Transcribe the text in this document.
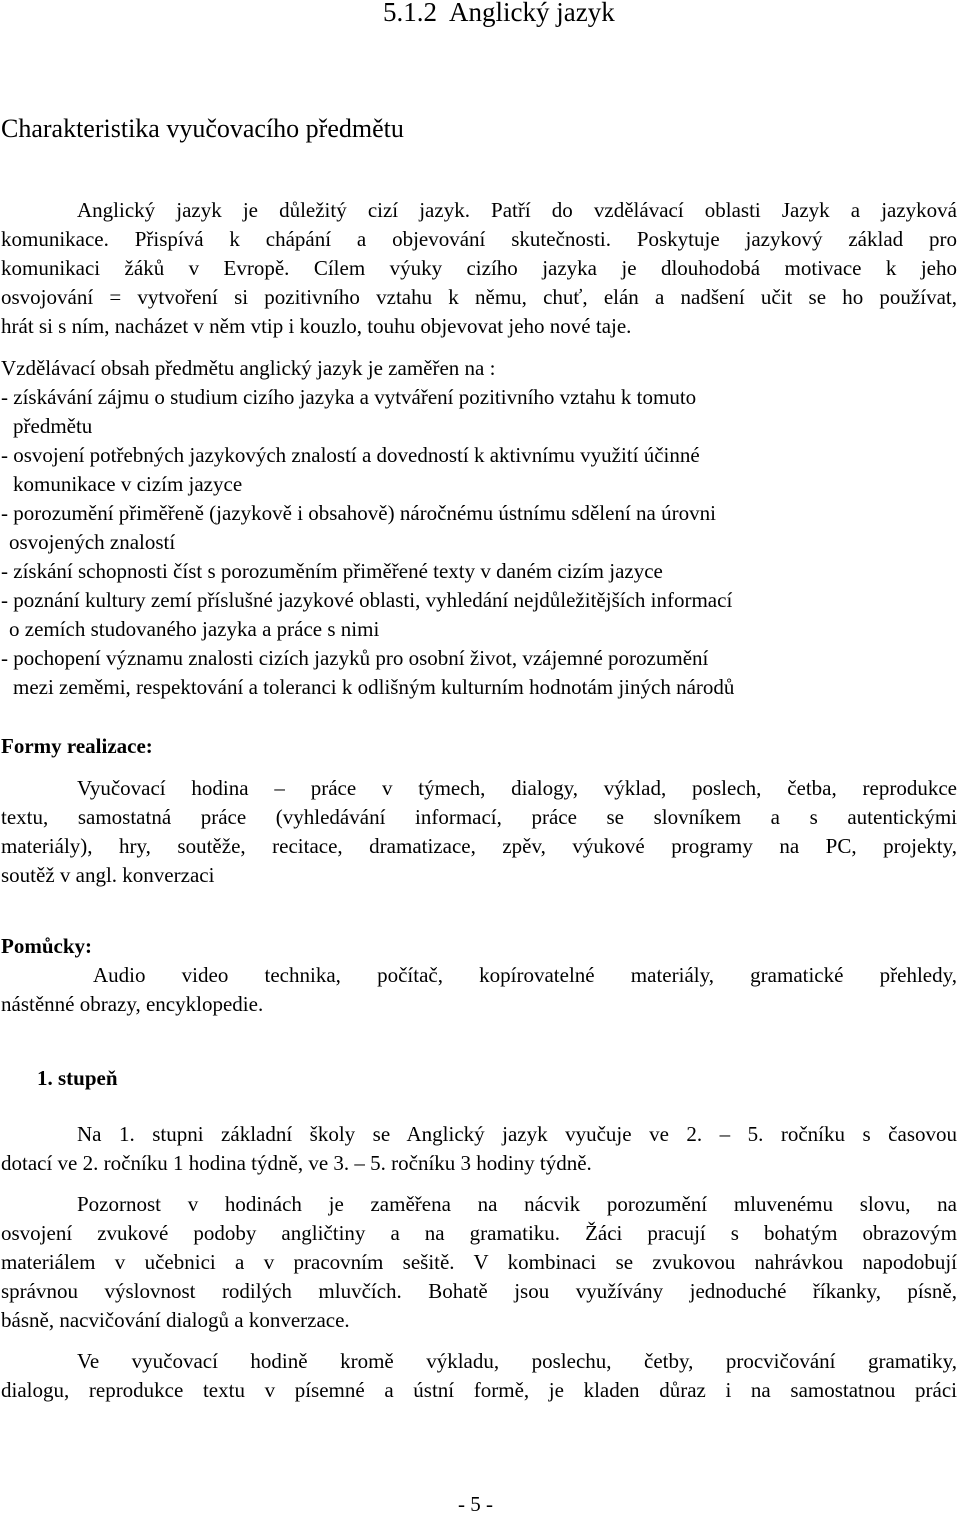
5.1.2  Anglický jazyk
Charakteristika vyučovacího předmětu
Anglický jazyk je důležitý cizí jazyk. Patří do vzdělávací oblasti Jazyk a jazyková
komunikace. Přispívá k chápání a objevování skutečnosti. Poskytuje jazykový základ pro
komunikaci žáků v Evropě. Cílem výuky cizího jazyka je dlouhodobá motivace k jeho
osvojování = vytvoření si pozitivního vztahu k němu, chuť, elán a nadšení učit se ho používat,
hrát si s ním, nacházet v něm vtip i kouzlo, touhu objevovat jeho nové taje.
Vzdělávací obsah předmětu anglický jazyk je zaměřen na :
- získávání zájmu o studium cizího jazyka a vytváření pozitivního vztahu k tomuto
předmětu
- osvojení potřebných jazykových znalostí a dovedností k aktivnímu využití účinné
komunikace v cizím jazyce
- porozumění přiměřeně (jazykově i obsahově) náročnému ústnímu sdělení na úrovni
osvojených znalostí
- získání schopnosti číst s porozuměním přiměřené texty v daném cizím jazyce
- poznání kultury zemí příslušné jazykové oblasti, vyhledání nejdůležitějších informací
o zemích studovaného jazyka a práce s nimi
- pochopení významu znalosti cizích jazyků pro osobní život, vzájemné porozumění
mezi zeměmi, respektování a toleranci k odlišným kulturním hodnotám jiných národů
Formy realizace:
Vyučovací hodina – práce v týmech, dialogy, výklad, poslech, četba, reprodukce
textu, samostatná práce (vyhledávání informací, práce se slovníkem a s autentickými
materiály), hry, soutěže, recitace, dramatizace, zpěv, výukové programy na PC, projekty,
soutěž v angl. konverzaci
Pomůcky:
Audio video technika, počítač, kopírovatelné materiály, gramatické přehledy,
nástěnné obrazy, encyklopedie.
1. stupeň
Na 1. stupni základní školy se Anglický jazyk vyučuje ve 2. – 5. ročníku s časovou
dotací ve 2. ročníku 1 hodina týdně, ve 3. – 5. ročníku 3 hodiny týdně.
Pozornost v hodinách je zaměřena na nácvik porozumění mluvenému slovu, na
osvojení zvukové podoby angličtiny a na gramatiku. Žáci pracují s bohatým obrazovým
materiálem v učebnici a v pracovním sešitě. V kombinaci se zvukovou nahrávkou napodobují
správnou výslovnost rodilých mluvčích. Bohatě jsou využívány jednoduché říkanky, písně,
básně, nacvičování dialogů a konverzace.
Ve vyučovací hodině kromě výkladu, poslechu, četby, procvičování gramatiky,
dialogu, reprodukce textu v písemné a ústní formě, je kladen důraz i na samostatnou práci
- 5 -
